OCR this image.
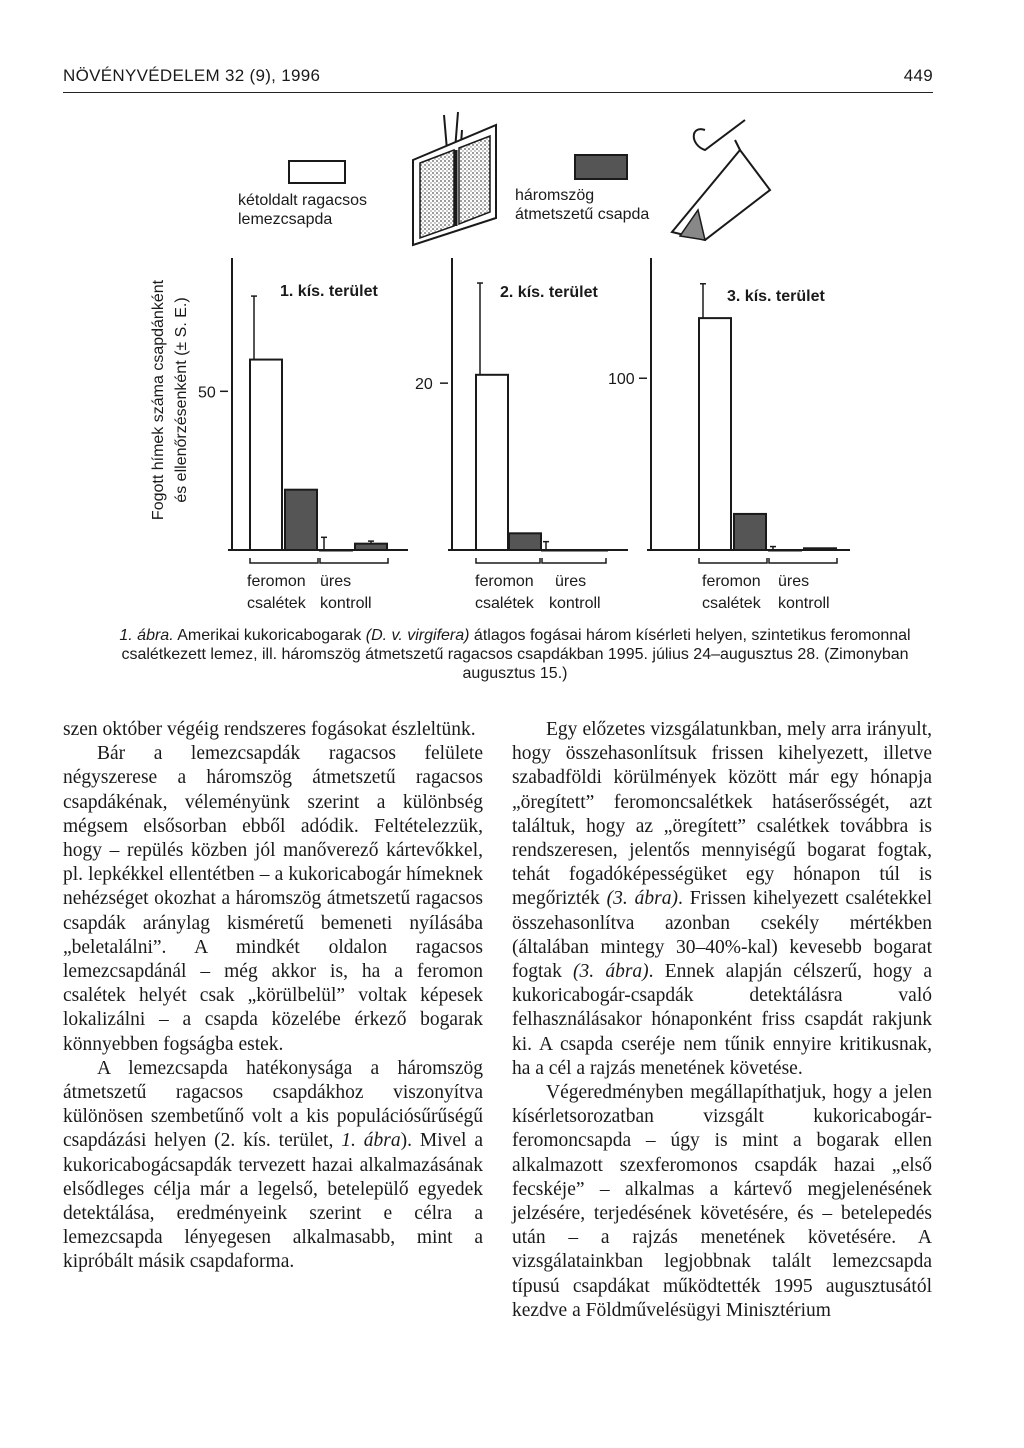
NÖVÉNYVÉDELEM 32 (9), 1996	449
kétoldalt ragacsos
lemezcsapda
háromszög
átmetszetű csapda
Fogott hímek száma csapdánként és ellenőrzésenként (± S. E.) 50
1. kís. terület
20
2. kís. terület
100
3. kís. terület
feromon
csalétek
üres
kontroll
feromon
csalétek
üres
kontroll
feromon
csalétek
üres
kontroll
1. ábra. Amerikai kukoricabogarak (D. v. virgifera) átlagos fogásai három kísérleti helyen, szintetikus feromonnal csalétkezett lemez, ill. háromszög átmetszetű ragacsos csapdákban 1995. július 24–augusztus 28. (Zimonyban augusztus 15.)

szen október végéig rendszeres fogásokat észleltünk.

Bár a lemezcsapdák ragacsos felülete négyszerese a háromszög átmetszetű ragacsos csapdákénak, véleményünk szerint a különbség mégsem elsősorban ebből adódik. Feltételezzük, hogy – repülés közben jól manőverező kártevőkkel, pl. lepkékkel ellentétben – a kukoricabogár hímeknek nehézséget okozhat a háromszög átmetszetű ragacsos csapdák aránylag kisméretű bemeneti nyílásába „beletalálni”. A mindkét oldalon ragacsos lemezcsapdánál – még akkor is, ha a feromon csalétek helyét csak „körülbelül” voltak képesek lokalizálni – a csapda közelébe érkező bogarak könnyebben fogságba estek.

A lemezcsapda hatékonysága a háromszög átmetszetű ragacsos csapdákhoz viszonyítva különösen szembetűnő volt a kis populációsűrűségű csapdázási helyen (2. kís. terület, 1. ábra). Mivel a kukoricabogácsapdák tervezett hazai alkalmazásának elsődleges célja már a legelső, betelepülő egyedek detektálása, eredményeink szerint e célra a lemezcsapda lényegesen alkalmasabb, mint a kipróbált másik csapdaforma.

Egy előzetes vizsgálatunkban, mely arra irányult, hogy összehasonlítsuk frissen kihelyezett, illetve szabadföldi körülmények között már egy hónapja „öregített” feromoncsalétkek hatáserősségét, azt találtuk, hogy az „öregített” csalétkek továbbra is rendszeresen, jelentős mennyiségű bogarat fogtak, tehát fogadóképességüket egy hónapon túl is megőrizték (3. ábra). Frissen kihelyezett csalétekkel összehasonlítva azonban csekély mértékben (általában mintegy 30–40%-kal) kevesebb bogarat fogtak (3. ábra). Ennek alapján célszerű, hogy a kukoricabogár-csapdák detektálásra való felhasználásakor hónaponként friss csapdát rakjunk ki. A csapda cseréje nem tűnik ennyire kritikusnak, ha a cél a rajzás menetének követése.

Végeredményben megállapíthatjuk, hogy a jelen kísérletsorozatban vizsgált kukoricabogár-feromoncsapda – úgy is mint a bogarak ellen alkalmazott szexferomonos csapdák hazai „első fecskéje” – alkalmas a kártevő megjelenésének jelzésére, terjedésének követésére, és – betelepedés után – a rajzás menetének követésére. A vizsgálatainkban legjobbnak talált lemezcsapda típusú csapdákat működtették 1995 augusztusától kezdve a Földművelésügyi Minisztérium
